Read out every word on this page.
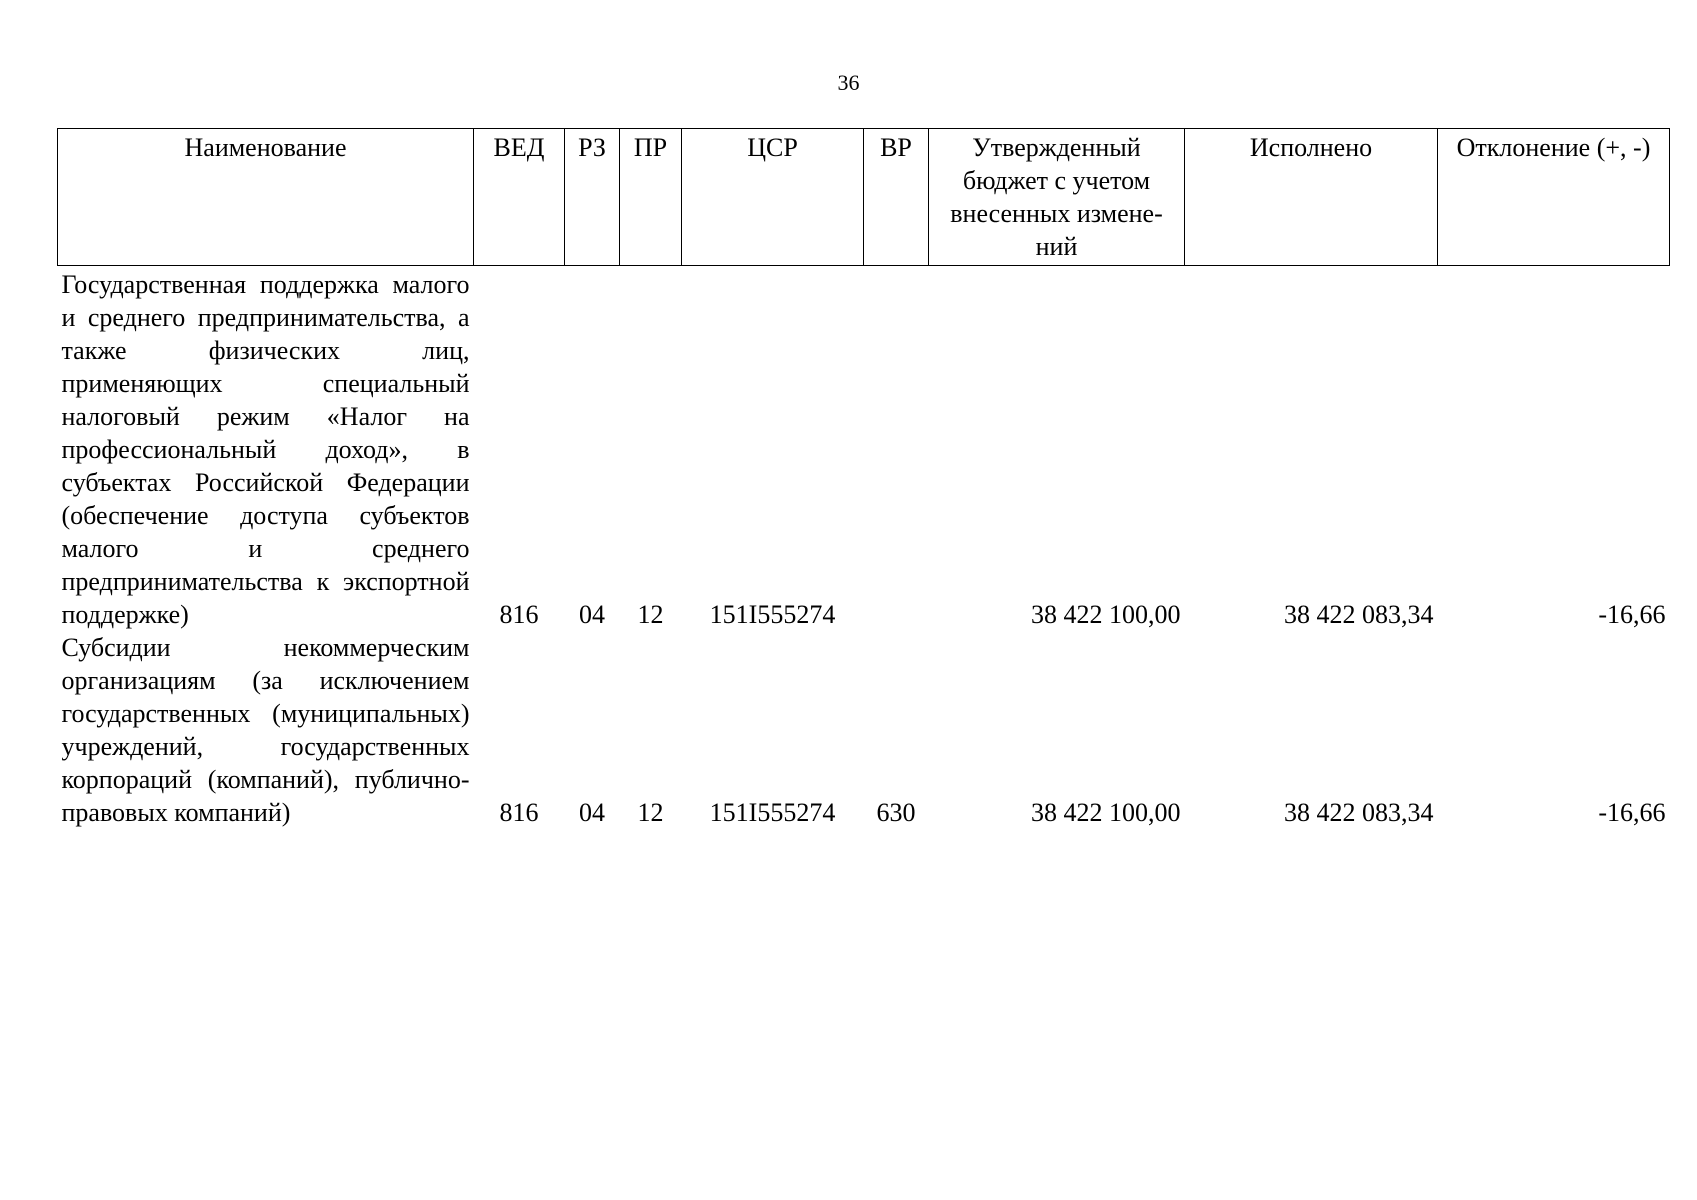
36
Наименование	ВЕД	РЗ	ПР	ЦСР	ВР	Утвержденный бюджет с учетом внесенных измене-ний	Исполнено	Отклонение (+, -)
Государственная поддержка малого и среднего предпринимательства, а также физических лиц, применяющих специальный налоговый режим «Налог на профессиональный доход», в субъектах Российской Федерации (обеспечение доступа субъектов малого и среднего предпринимательства к экспортной поддержке)	816	04	12	151I555274		38 422 100,00	38 422 083,34	-16,66
Субсидии некоммерческим организациям (за исключением государственных (муниципальных) учреждений, государственных корпораций (компаний), публично-правовых компаний)	816	04	12	151I555274	630	38 422 100,00	38 422 083,34	-16,66
